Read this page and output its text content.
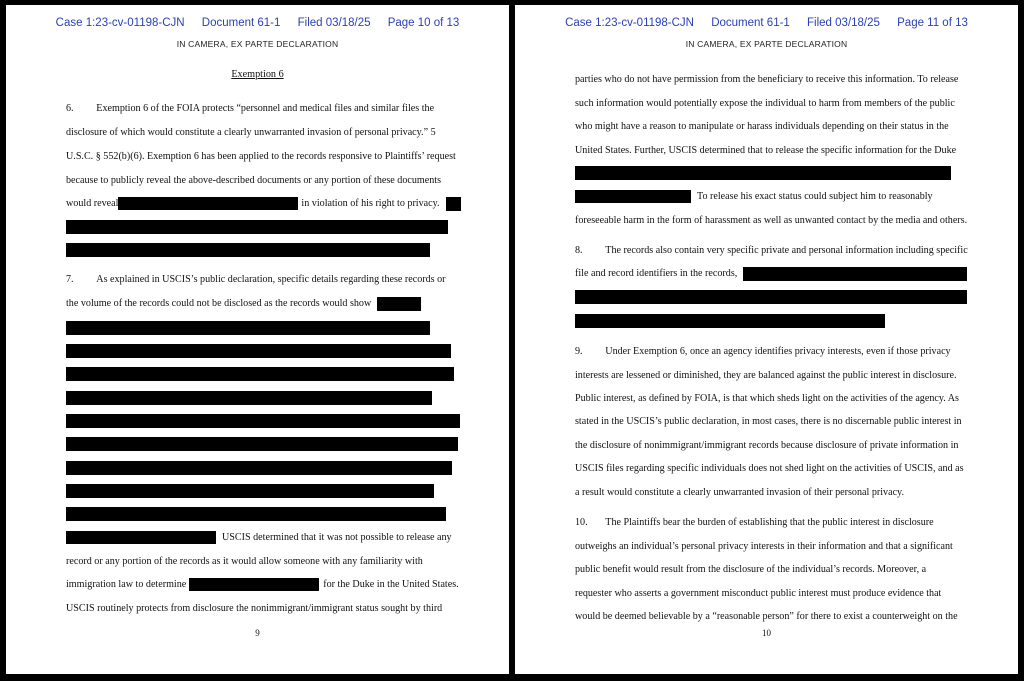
Case 1:23-cv-01198-CJN Document 61-1 Filed 03/18/25 Page 10 of 13
IN CAMERA, EX PARTE DECLARATION
Exemption 6
6.         Exemption 6 of the FOIA protects “personnel and medical files and similar files the
disclosure of which would constitute a clearly unwarranted invasion of personal privacy.” 5
U.S.C. § 552(b)(6). Exemption 6 has been applied to the records responsive to Plaintiffs’ request
because to publicly reveal the above-described documents or any portion of these documents
would reveal	in violation of his right to privacy.
7.         As explained in USCIS’s public declaration, specific details regarding these records or
the volume of the records could not be disclosed as the records would show
USCIS determined that it was not possible to release any
record or any portion of the records as it would allow someone with any familiarity with
immigration law to determine	for the Duke in the United States.
USCIS routinely protects from disclosure the nonimmigrant/immigrant status sought by third
9
Case 1:23-cv-01198-CJN Document 61-1 Filed 03/18/25 Page 11 of 13
IN CAMERA, EX PARTE DECLARATION
parties who do not have permission from the beneficiary to receive this information. To release
such information would potentially expose the individual to harm from members of the public
who might have a reason to manipulate or harass individuals depending on their status in the
United States. Further, USCIS determined that to release the specific information for the Duke
To release his exact status could subject him to reasonably
foreseeable harm in the form of harassment as well as unwanted contact by the media and others.
8.         The records also contain very specific private and personal information including specific
file and record identifiers in the records,
9.         Under Exemption 6, once an agency identifies privacy interests, even if those privacy
interests are lessened or diminished, they are balanced against the public interest in disclosure.
Public interest, as defined by FOIA, is that which sheds light on the activities of the agency. As
stated in the USCIS’s public declaration, in most cases, there is no discernable public interest in
the disclosure of nonimmigrant/immigrant records because disclosure of private information in
USCIS files regarding specific individuals does not shed light on the activities of USCIS, and as
a result would constitute a clearly unwarranted invasion of their personal privacy.
10.       The Plaintiffs bear the burden of establishing that the public interest in disclosure
outweighs an individual’s personal privacy interests in their information and that a significant
public benefit would result from the disclosure of the individual’s records. Moreover, a
requester who asserts a government misconduct public interest must produce evidence that
would be deemed believable by a “reasonable person” for there to exist a counterweight on the
10
